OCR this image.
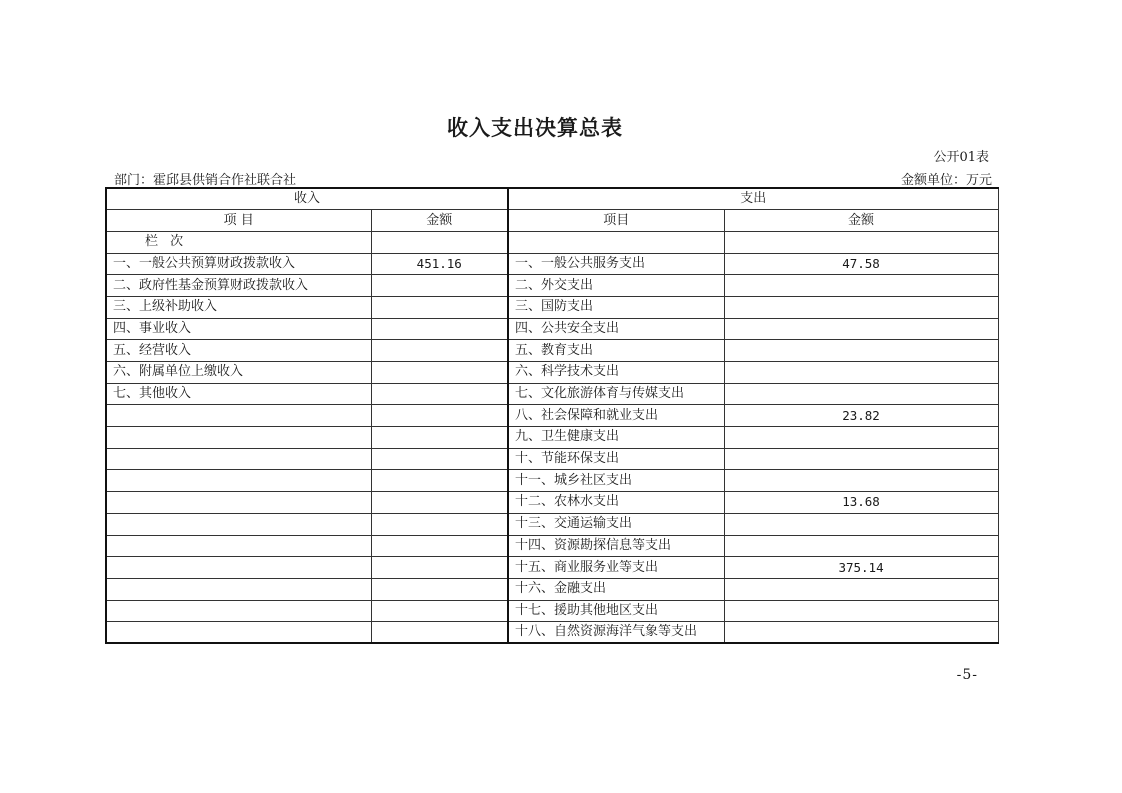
收入支出决算总表
公开01表
部门：霍邱县供销合作社联合社	金额单位：万元
收入		支出	
项 目	金额	项目	金额
栏 次			
一、一般公共预算财政拨款收入	451.16	一、一般公共服务支出	47.58
二、政府性基金预算财政拨款收入		二、外交支出	
三、上级补助收入		三、国防支出	
四、事业收入		四、公共安全支出	
五、经营收入		五、教育支出	
六、附属单位上缴收入		六、科学技术支出	
七、其他收入		七、文化旅游体育与传媒支出	
		八、社会保障和就业支出	23.82
		九、卫生健康支出	
		十、节能环保支出	
		十一、城乡社区支出	
		十二、农林水支出	13.68
		十三、交通运输支出	
		十四、资源勘探信息等支出	
		十五、商业服务业等支出	375.14
		十六、金融支出	
		十七、援助其他地区支出	
		十八、自然资源海洋气象等支出	
-5-
